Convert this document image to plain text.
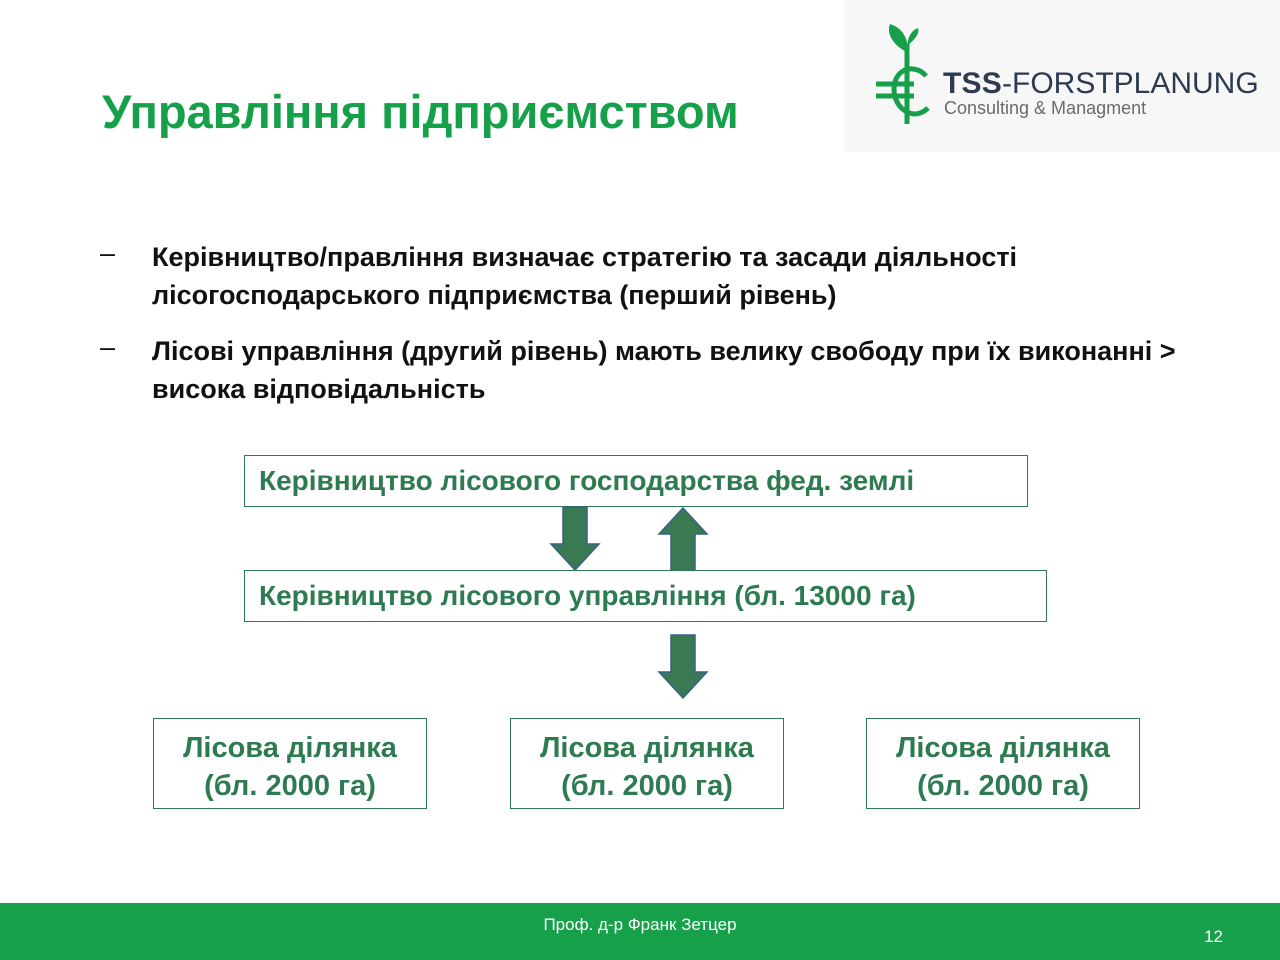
Управління підприємством
TSS -FORSTPLANUNG
Consulting & Managment
– Керівництво/правління визначає стратегію та засади діяльності лісогосподарського підприємства (перший рівень)
– Лісові управління (другий рівень) мають велику свободу при їх виконанні > висока відповідальність
Керівництво лісового господарства фед. землі
Керівництво лісового управління (бл. 13000 га)
Лісова ділянка
(бл. 2000 га)
Лісова ділянка
(бл. 2000 га)
Лісова ділянка
(бл. 2000 га)
Проф. д-р Франк Зетцер
12
